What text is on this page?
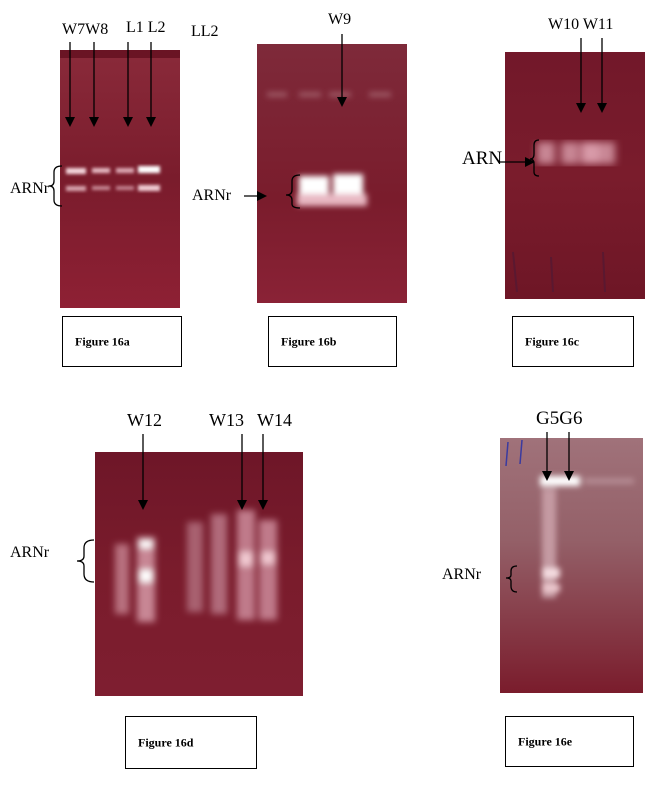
W7W8 L1 L2 LL2
ARNr
Figure 16a
W9
ARNr
Figure 16b
W10 W11
ARN
Figure 16c
W12	W13 W14
ARNr
Figure 16d
G5G6
ARNr
Figure 16e
